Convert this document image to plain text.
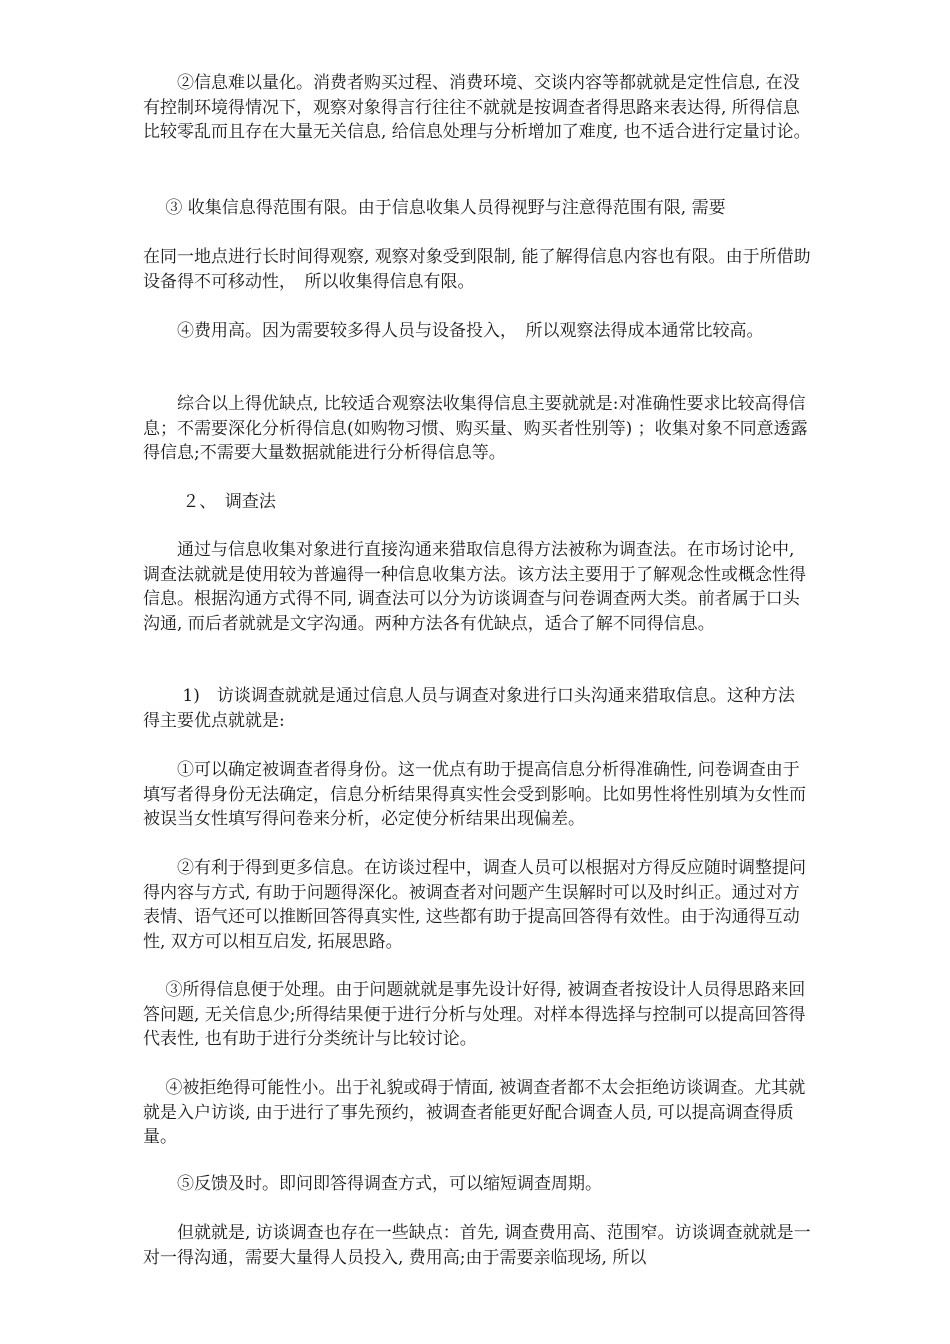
　　②信息难以量化。消费者购买过程、消费环境、交谈内容等都就就是定性信息, 在没有控制环境得情况下，观察对象得言行往往不就就是按调查者得思路来表达得, 所得信息比较零乱而且存在大量无关信息, 给信息处理与分析增加了难度, 也不适合进行定量讨论。

　 ③ 收集信息得范围有限。由于信息收集人员得视野与注意得范围有限, 需要

在同一地点进行长时间得观察, 观察对象受到限制, 能了解得信息内容也有限。由于所借助设备得不可移动性，　所以收集得信息有限。

　　④费用高。因为需要较多得人员与设备投入，　所以观察法得成本通常比较高。

　　综合以上得优缺点, 比较适合观察法收集得信息主要就就是:对准确性要求比较高得信息；不需要深化分析得信息(如购物习惯、购买量、购买者性别等) ；收集对象不同意透露得信息;不需要大量数据就能进行分析得信息等。

　　 ２、　调查法

　　通过与信息收集对象进行直接沟通来猎取信息得方法被称为调查法。在市场讨论中, 调查法就就是使用较为普遍得一种信息收集方法。该方法主要用于了解观念性或概念性得信息。根据沟通方式得不同, 调查法可以分为访谈调查与问卷调查两大类。前者属于口头沟通, 而后者就就是文字沟通。两种方法各有优缺点，适合了解不同得信息。

　　 1)　访谈调查就就是通过信息人员与调查对象进行口头沟通来猎取信息。这种方法得主要优点就就是:

　　①可以确定被调查者得身份。这一优点有助于提高信息分析得准确性, 问卷调查由于填写者得身份无法确定，信息分析结果得真实性会受到影响。比如男性将性别填为女性而被误当女性填写得问卷来分析，必定使分析结果出现偏差。

　　②有利于得到更多信息。在访谈过程中，调查人员可以根据对方得反应随时调整提问得内容与方式, 有助于问题得深化。被调查者对问题产生误解时可以及时纠正。通过对方表情、语气还可以推断回答得真实性, 这些都有助于提高回答得有效性。由于沟通得互动性, 双方可以相互启发, 拓展思路。

　 ③所得信息便于处理。由于问题就就是事先设计好得, 被调查者按设计人员得思路来回答问题, 无关信息少;所得结果便于进行分析与处理。对样本得选择与控制可以提高回答得代表性, 也有助于进行分类统计与比较讨论。

　 ④被拒绝得可能性小。出于礼貌或碍于情面, 被调查者都不太会拒绝访谈调查。尤其就就是入户访谈, 由于进行了事先预约，被调查者能更好配合调查人员, 可以提高调查得质量。

　　⑤反馈及时。即问即答得调查方式，可以缩短调查周期。

　　但就就是, 访谈调查也存在一些缺点：首先, 调查费用高、范围窄。访谈调查就就是一对一得沟通，需要大量得人员投入, 费用高;由于需要亲临现场, 所以
